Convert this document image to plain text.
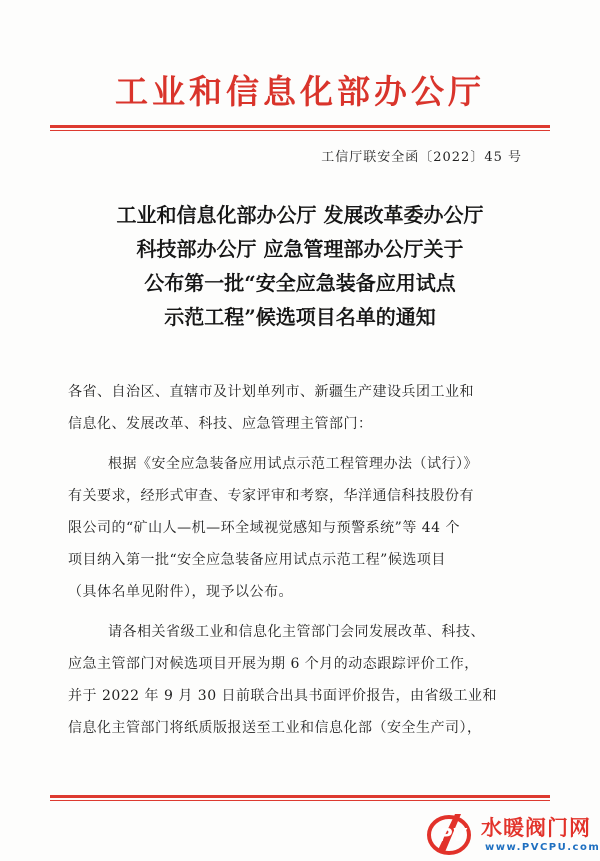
工业和信息化部办公厅
工信厅联安全函〔2022〕45 号
工业和信息化部办公厅 发展改革委办公厅
科技部办公厅 应急管理部办公厅关于
公布第一批“安全应急装备应用试点
示范工程”候选项目名单的通知
各省、自治区、直辖市及计划单列市、新疆生产建设兵团工业和
信息化、发展改革、科技、应急管理主管部门：
根据《安全应急装备应用试点示范工程管理办法（试行）》
有关要求，经形式审查、专家评审和考察，华洋通信科技股份有
限公司的“矿山人—机—环全域视觉感知与预警系统”等 44 个
项目纳入第一批“安全应急装备应用试点示范工程”候选项目
（具体名单见附件），现予以公布。
请各相关省级工业和信息化主管部门会同发展改革、科技、
应急主管部门对候选项目开展为期 6 个月的动态跟踪评价工作，
并于 2022 年 9 月 30 日前联合出具书面评价报告，由省级工业和
信息化主管部门将纸质版报送至工业和信息化部（安全生产司），
PV 水暖阀门网
www.PVCPU.com
